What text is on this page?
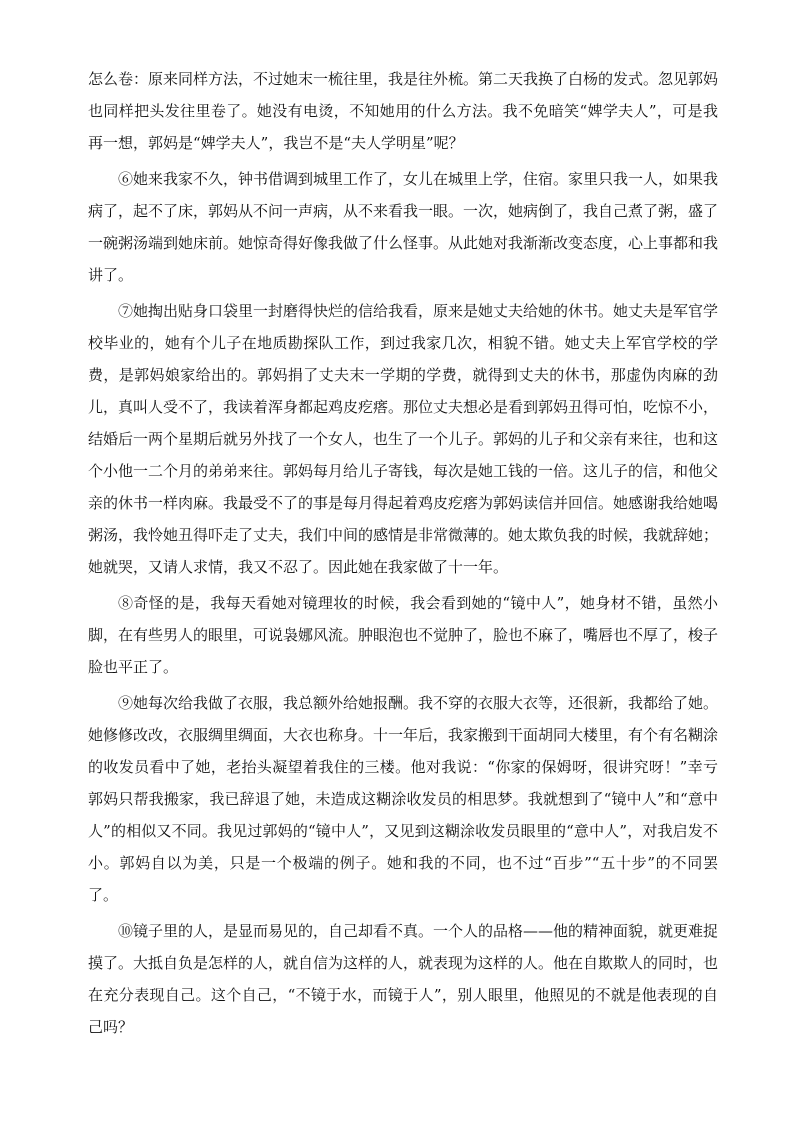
怎么卷：原来同样方法，不过她末一梳往里，我是往外梳。第二天我换了白杨的发式。忽见郭妈也同样把头发往里卷了。她没有电烫，不知她用的什么方法。我不免暗笑“婢学夫人”，可是我再一想，郭妈是“婢学夫人”，我岂不是“夫人学明星”呢？

⑥她来我家不久，钟书借调到城里工作了，女儿在城里上学，住宿。家里只我一人，如果我病了，起不了床，郭妈从不问一声病，从不来看我一眼。一次，她病倒了，我自己煮了粥，盛了一碗粥汤端到她床前。她惊奇得好像我做了什么怪事。从此她对我渐渐改变态度，心上事都和我讲了。

⑦她掏出贴身口袋里一封磨得快烂的信给我看，原来是她丈夫给她的休书。她丈夫是军官学校毕业的，她有个儿子在地质勘探队工作，到过我家几次，相貌不错。她丈夫上军官学校的学费，是郭妈娘家给出的。郭妈捐了丈夫末一学期的学费，就得到丈夫的休书，那虚伪肉麻的劲儿，真叫人受不了，我读着浑身都起鸡皮疙瘩。那位丈夫想必是看到郭妈丑得可怕，吃惊不小，结婚后一两个星期后就另外找了一个女人，也生了一个儿子。郭妈的儿子和父亲有来往，也和这个小他一二个月的弟弟来往。郭妈每月给儿子寄钱，每次是她工钱的一倍。这儿子的信，和他父亲的休书一样肉麻。我最受不了的事是每月得起着鸡皮疙瘩为郭妈读信并回信。她感谢我给她喝粥汤，我怜她丑得吓走了丈夫，我们中间的感情是非常微薄的。她太欺负我的时候，我就辞她；她就哭，又请人求情，我又不忍了。因此她在我家做了十一年。

⑧奇怪的是，我每天看她对镜理妆的时候，我会看到她的“镜中人”，她身材不错，虽然小脚，在有些男人的眼里，可说袅娜风流。肿眼泡也不觉肿了，脸也不麻了，嘴唇也不厚了，梭子脸也平正了。

⑨她每次给我做了衣服，我总额外给她报酬。我不穿的衣服大衣等，还很新，我都给了她。她修修改改，衣服绸里绸面，大衣也称身。十一年后，我家搬到干面胡同大楼里，有个有名糊涂的收发员看中了她，老抬头凝望着我住的三楼。他对我说：“你家的保姆呀，很讲究呀！”幸亏郭妈只帮我搬家，我已辞退了她，未造成这糊涂收发员的相思梦。我就想到了“镜中人”和“意中人”的相似又不同。我见过郭妈的“镜中人”，又见到这糊涂收发员眼里的“意中人”，对我启发不小。郭妈自以为美，只是一个极端的例子。她和我的不同，也不过“百步”“五十步”的不同罢了。

⑩镜子里的人，是显而易见的，自己却看不真。一个人的品格——他的精神面貌，就更难捉摸了。大抵自负是怎样的人，就自信为这样的人，就表现为这样的人。他在自欺欺人的同时，也在充分表现自己。这个自己，“不镜于水，而镜于人”，别人眼里，他照见的不就是他表现的自己吗？
